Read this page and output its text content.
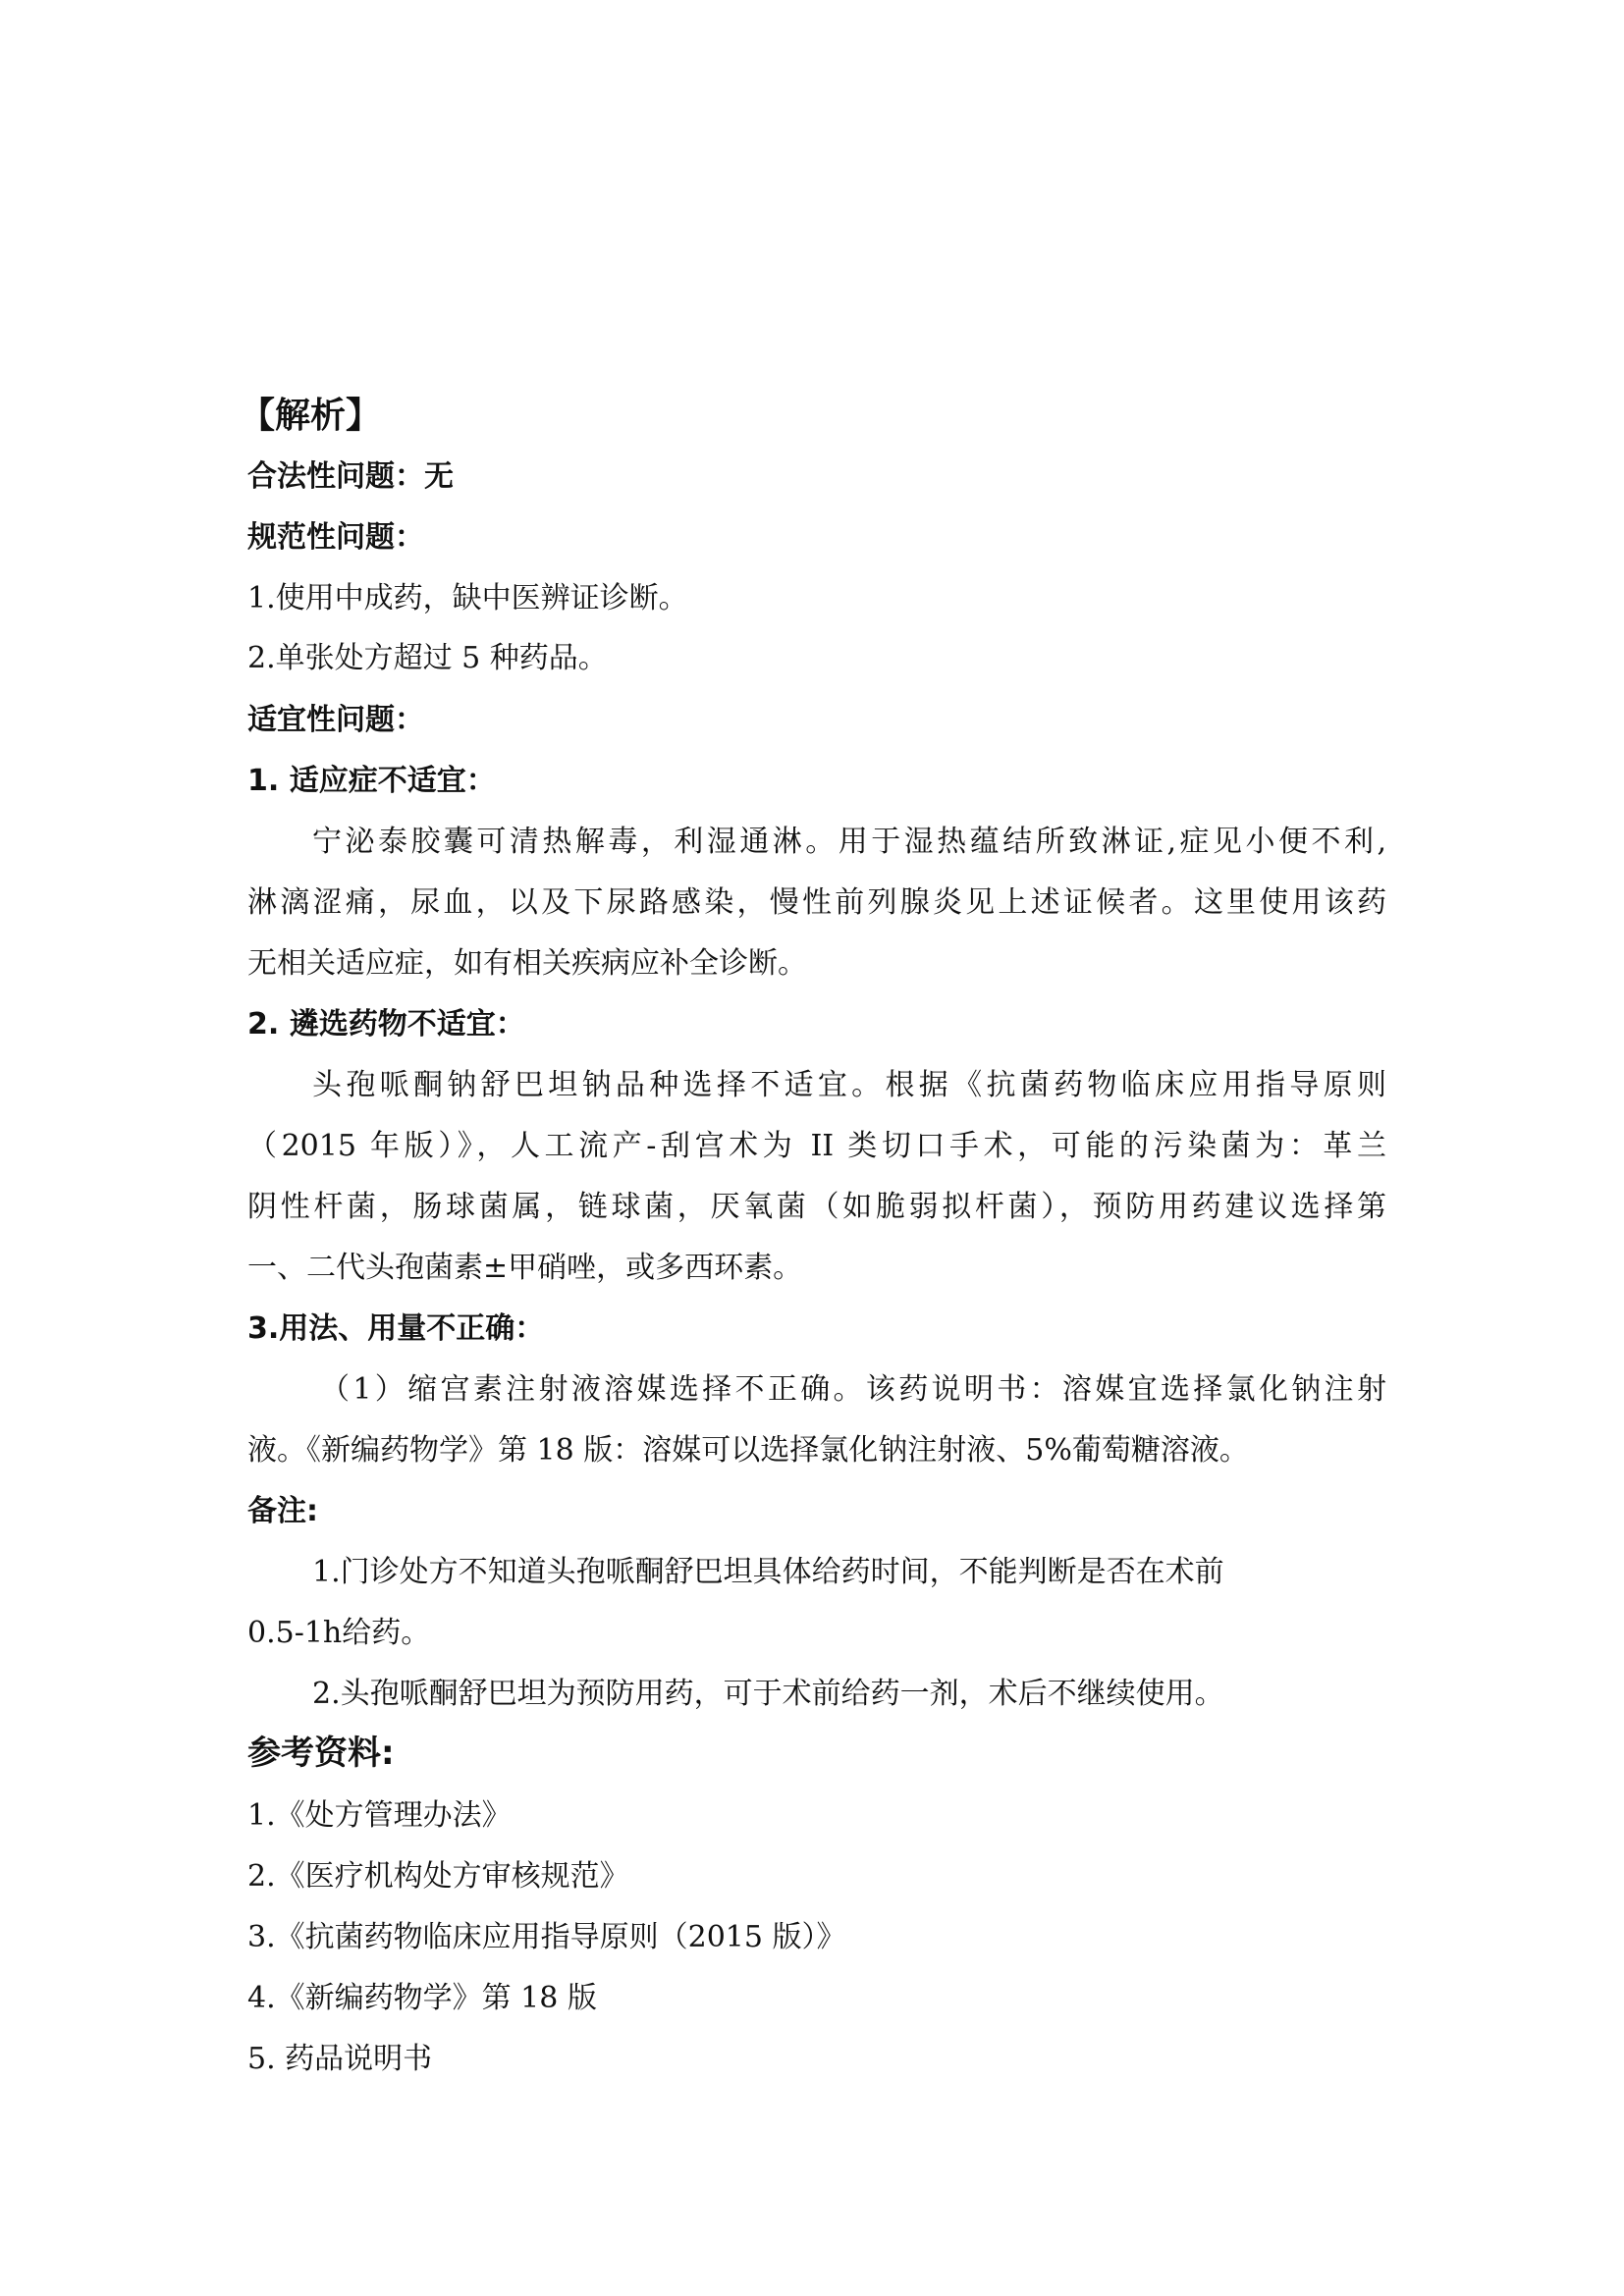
【解析】
合法性问题：无
规范性问题：
1.使用中成药，缺中医辨证诊断。
2.单张处方超过 5 种药品。
适宜性问题：
1. 适应症不适宜：
宁泌泰胶囊可清热解毒，利湿通淋。用于湿热蕴结所致淋证,症见小便不利,
淋漓涩痛，尿血，以及下尿路感染，慢性前列腺炎见上述证候者。这里使用该药
无相关适应症，如有相关疾病应补全诊断。
2. 遴选药物不适宜：
头孢哌酮钠舒巴坦钠品种选择不适宜。根据《抗菌药物临床应用指导原则
（2015 年版）》，人工流产-刮宫术为 II 类切口手术，可能的污染菌为：革兰
阴性杆菌，肠球菌属，链球菌，厌氧菌（如脆弱拟杆菌），预防用药建议选择第
一、二代头孢菌素±甲硝唑，或多西环素。
3.用法、用量不正确：
（1）缩宫素注射液溶媒选择不正确。该药说明书：溶媒宜选择氯化钠注射
液。《新编药物学》第 18 版：溶媒可以选择氯化钠注射液、5%葡萄糖溶液。
备注:
1.门诊处方不知道头孢哌酮舒巴坦具体给药时间，不能判断是否在术前
0.5-1h给药。
2.头孢哌酮舒巴坦为预防用药，可于术前给药一剂，术后不继续使用。
参考资料:
1.《处方管理办法》
2.《医疗机构处方审核规范》
3.《抗菌药物临床应用指导原则（2015 版）》
4.《新编药物学》第 18 版
5. 药品说明书
